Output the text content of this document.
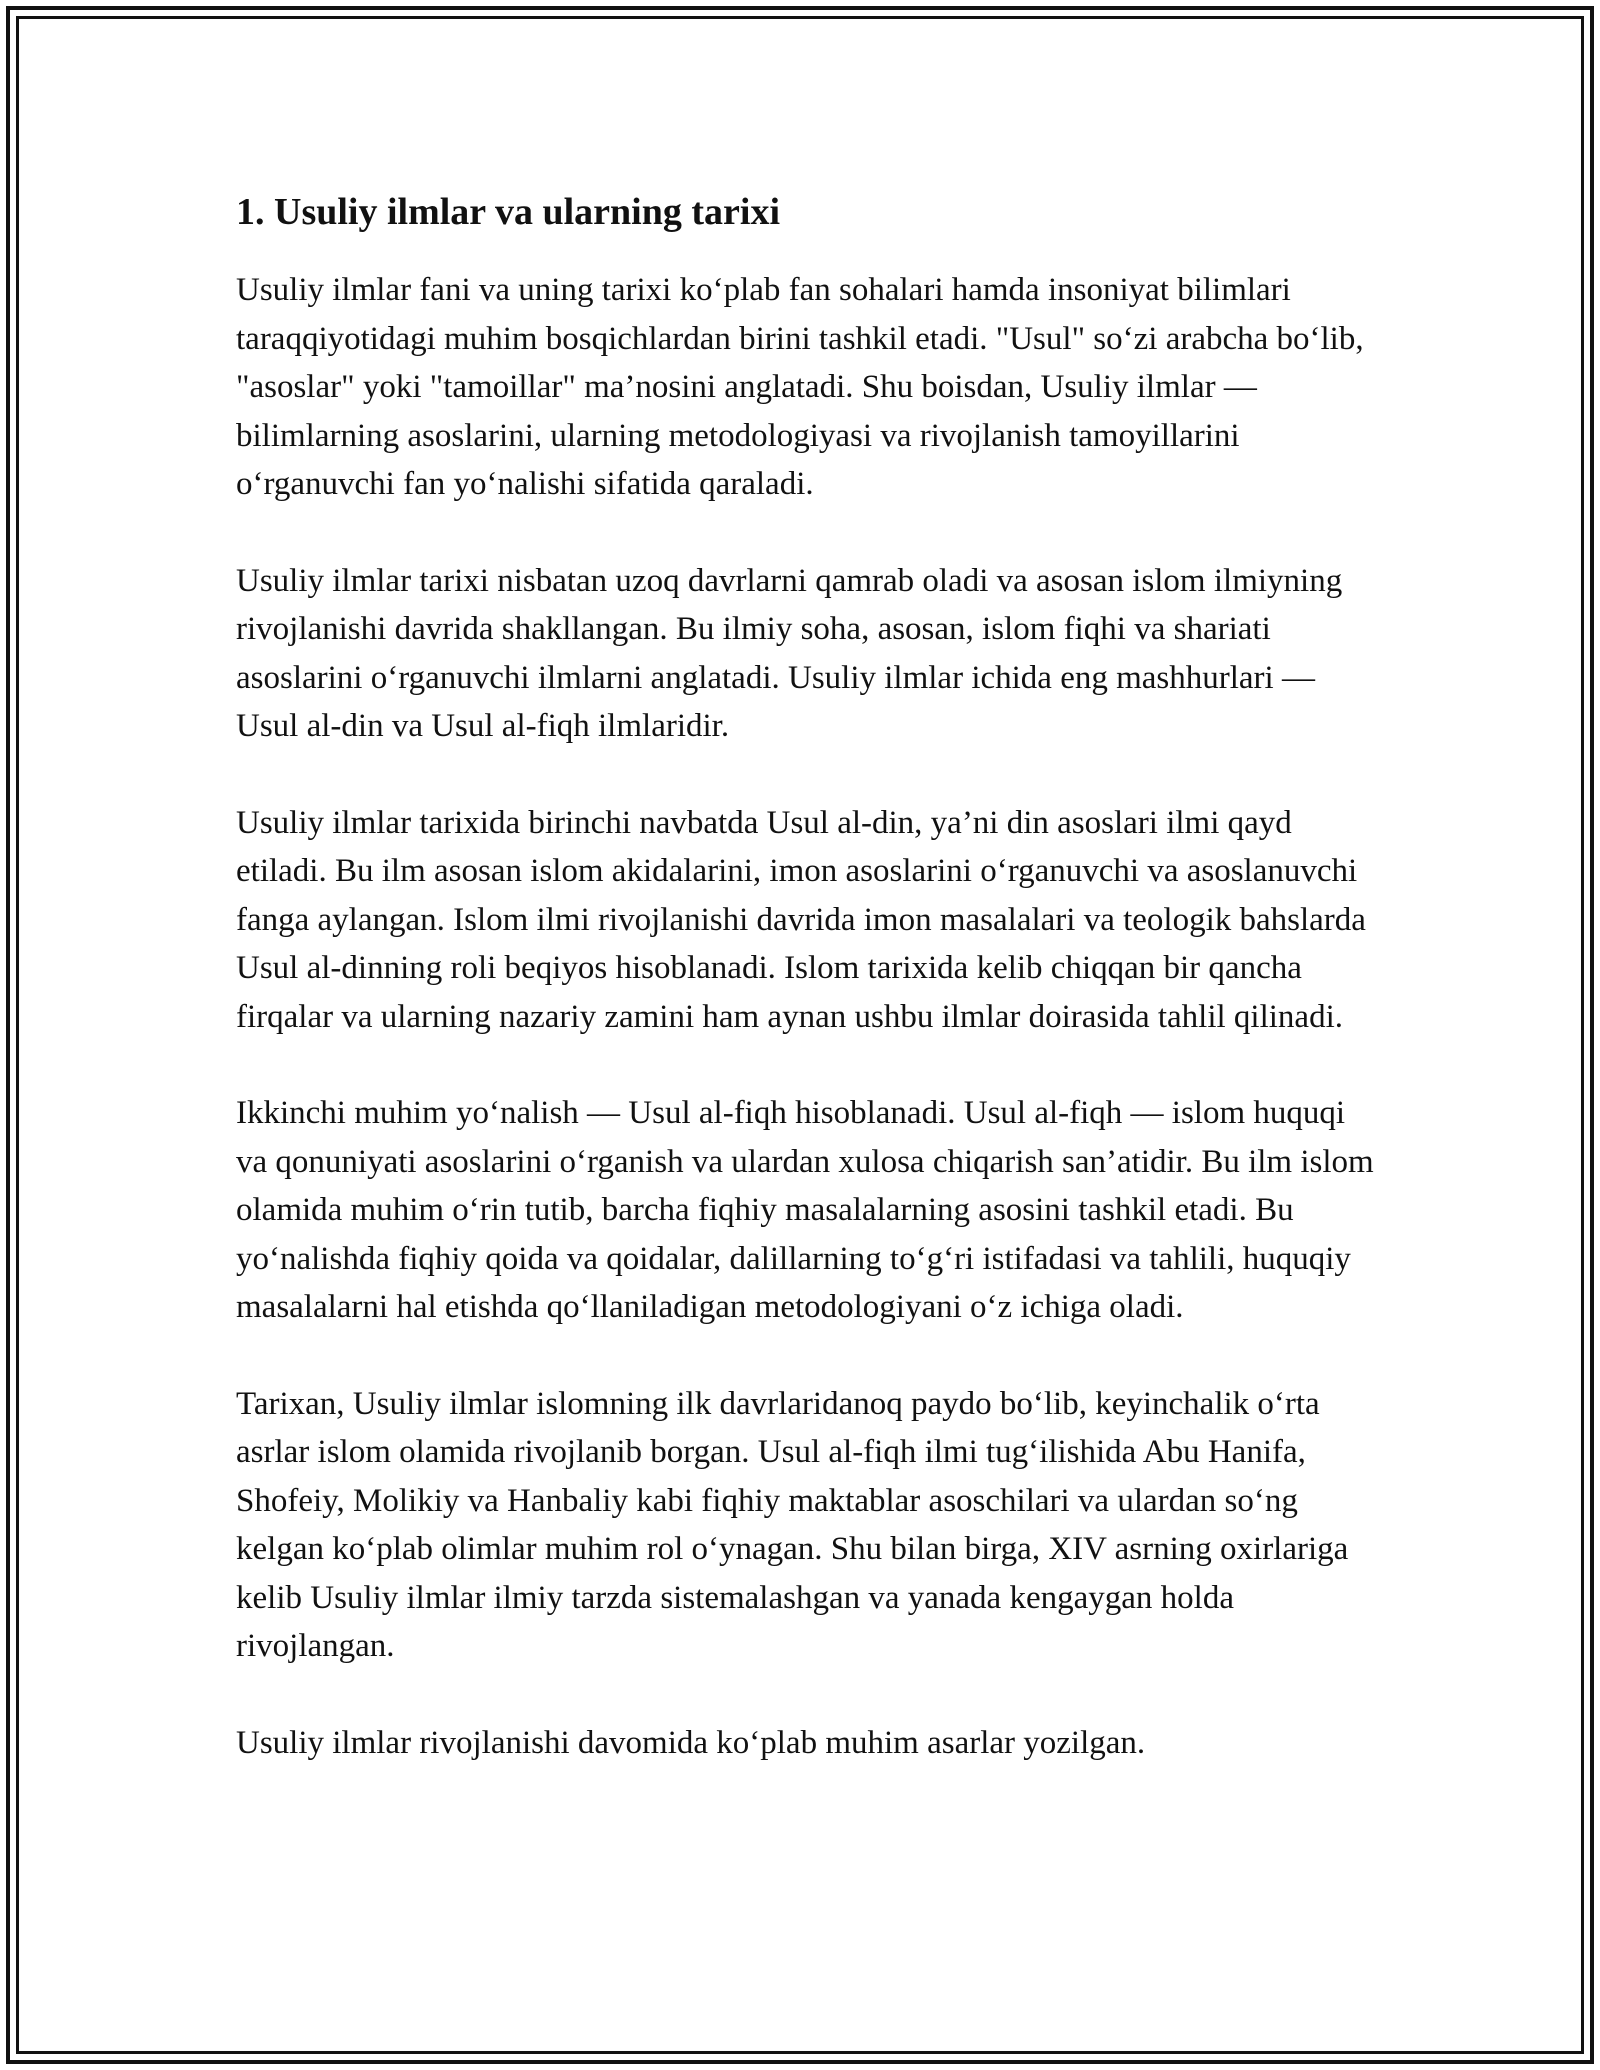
1. Usuliy ilmlar va ularning tarixi

Usuliy ilmlar fani va uning tarixi ko‘plab fan sohalari hamda insoniyat bilimlari taraqqiyotidagi muhim bosqichlardan birini tashkil etadi. "Usul" so‘zi arabcha bo‘lib, "asoslar" yoki "tamoillar" ma’nosini anglatadi. Shu boisdan, Usuliy ilmlar — bilimlarning asoslarini, ularning metodologiyasi va rivojlanish tamoyillarini o‘rganuvchi fan yo‘nalishi sifatida qaraladi.

Usuliy ilmlar tarixi nisbatan uzoq davrlarni qamrab oladi va asosan islom ilmiyning rivojlanishi davrida shakllangan. Bu ilmiy soha, asosan, islom fiqhi va shariati asoslarini o‘rganuvchi ilmlarni anglatadi. Usuliy ilmlar ichida eng mashhurlari — Usul al-din va Usul al-fiqh ilmlaridir.

Usuliy ilmlar tarixida birinchi navbatda Usul al-din, ya’ni din asoslari ilmi qayd etiladi. Bu ilm asosan islom akidalarini, imon asoslarini o‘rganuvchi va asoslanuvchi fanga aylangan. Islom ilmi rivojlanishi davrida imon masalalari va teologik bahslarda Usul al-dinning roli beqiyos hisoblanadi. Islom tarixida kelib chiqqan bir qancha firqalar va ularning nazariy zamini ham aynan ushbu ilmlar doirasida tahlil qilinadi.

Ikkinchi muhim yo‘nalish — Usul al-fiqh hisoblanadi. Usul al-fiqh — islom huquqi va qonuniyati asoslarini o‘rganish va ulardan xulosa chiqarish san’atidir. Bu ilm islom olamida muhim o‘rin tutib, barcha fiqhiy masalalarning asosini tashkil etadi. Bu yo‘nalishda fiqhiy qoida va qoidalar, dalillarning to‘g‘ri istifadasi va tahlili, huquqiy masalalarni hal etishda qo‘llaniladigan metodologiyani o‘z ichiga oladi.

Tarixan, Usuliy ilmlar islomning ilk davrlaridanoq paydo bo‘lib, keyinchalik o‘rta asrlar islom olamida rivojlanib borgan. Usul al-fiqh ilmi tug‘ilishida Abu Hanifa, Shofeiy, Molikiy va Hanbaliy kabi fiqhiy maktablar asoschilari va ulardan so‘ng kelgan ko‘plab olimlar muhim rol o‘ynagan. Shu bilan birga, XIV asrning oxirlariga kelib Usuliy ilmlar ilmiy tarzda sistemalashgan va yanada kengaygan holda rivojlangan.

Usuliy ilmlar rivojlanishi davomida ko‘plab muhim asarlar yozilgan.
